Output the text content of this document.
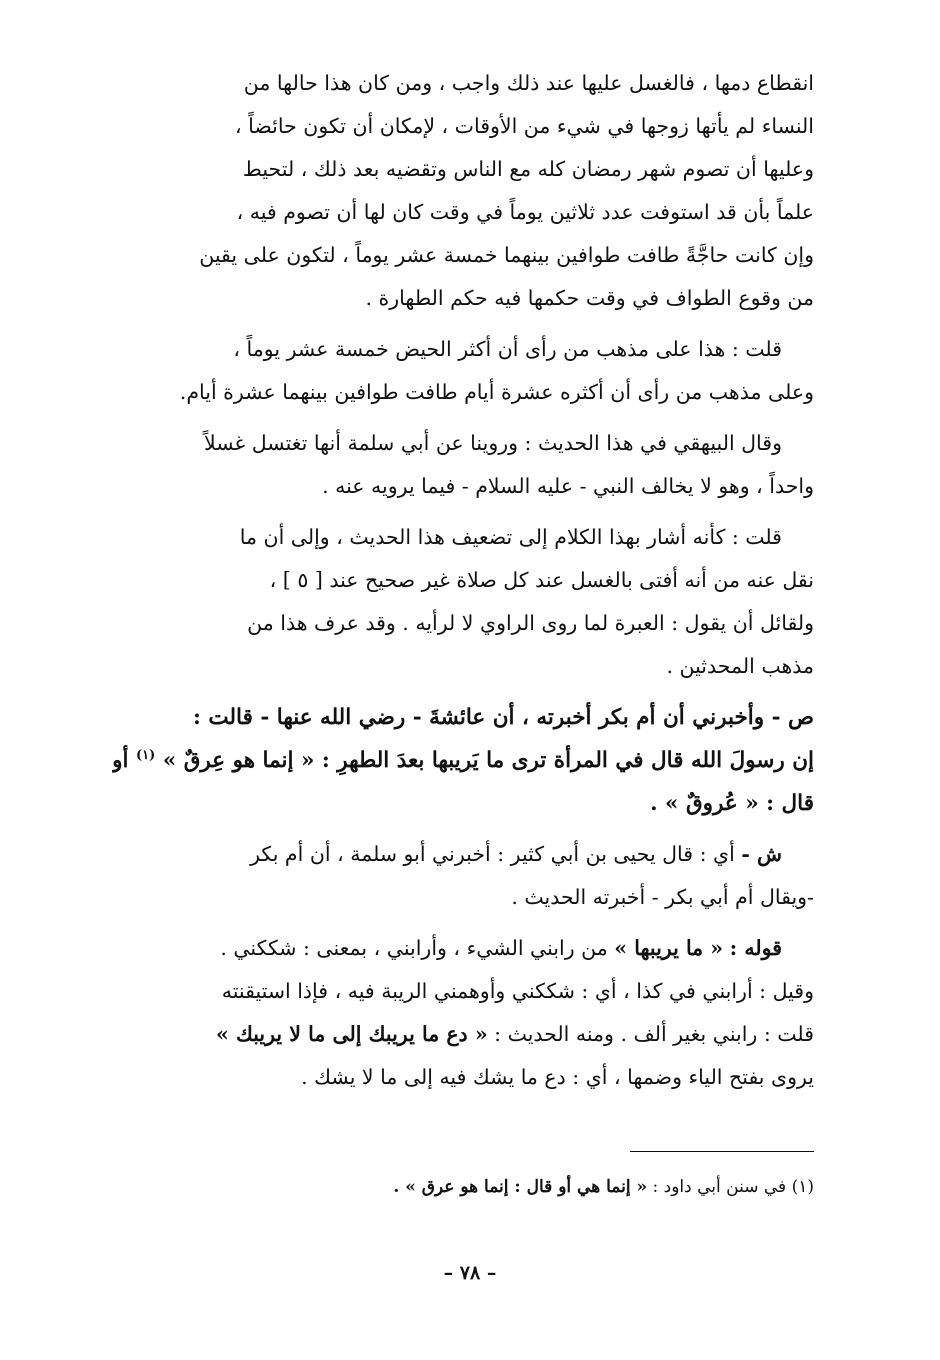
انقطاع دمها ، فالغسل عليها عند ذلك واجب ، ومن كان هذا حالها من
النساء لم يأتها زوجها في شيء من الأوقات ، لإمكان أن تكون حائضاً ،
وعليها أن تصوم شهر رمضان كله مع الناس وتقضيه بعد ذلك ، لتحيط
علماً بأن قد استوفت عدد ثلاثين يوماً في وقت كان لها أن تصوم فيه ،
وإن كانت حاجَّةً طافت طوافين بينهما خمسة عشر يوماً ، لتكون على يقين
من وقوع الطواف في وقت حكمها فيه حكم الطهارة .
قلت : هذا على مذهب من رأى أن أكثر الحيض خمسة عشر يوماً ،
وعلى مذهب من رأى أن أكثره عشرة أيام طافت طوافين بينهما عشرة أيام.
وقال البيهقي في هذا الحديث : وروينا عن أبي سلمة أنها تغتسل غسلاً
واحداً ، وهو لا يخالف النبي - عليه السلام - فيما يرويه عنه .
قلت : كأنه أشار بهذا الكلام إلى تضعيف هذا الحديث ، وإلى أن ما
نقل عنه من أنه أفتى بالغسل عند كل صلاة غير صحيح عند [ ٥ ] ،
ولقائل أن يقول : العبرة لما روى الراوي لا لرأيه . وقد عرف هذا من
مذهب المحدثين .
ص - وأخبرني أن أم بكر أخبرته ، أن عائشةَ - رضي الله عنها - قالت :
إن رسولَ الله قال في المرأة ترى ما يَريبها بعدَ الطهرِ : « إنما هو عِرقٌ » $^{(١)}$ أو
قال : « عُروقٌ » .
ش - أي : قال يحيى بن أبي كثير : أخبرني أبو سلمة ، أن أم بكر
-ويقال أم أبي بكر - أخبرته الحديث .
قوله : « ما يريبها » من رابني الشيء ، وأرابني ، بمعنى : شككني .
وقيل : أرابني في كذا ، أي : شككني وأوهمني الريبة فيه ، فإذا استيقنته
قلت : رابني بغير ألف . ومنه الحديث : « دع ما يريبك إلى ما لا يريبك »
يروى بفتح الياء وضمها ، أي : دع ما يشك فيه إلى ما لا يشك .
(١) في سنن أبي داود : « إنما هي أو قال : إنما هو عرق » .
– ٧٨ –
